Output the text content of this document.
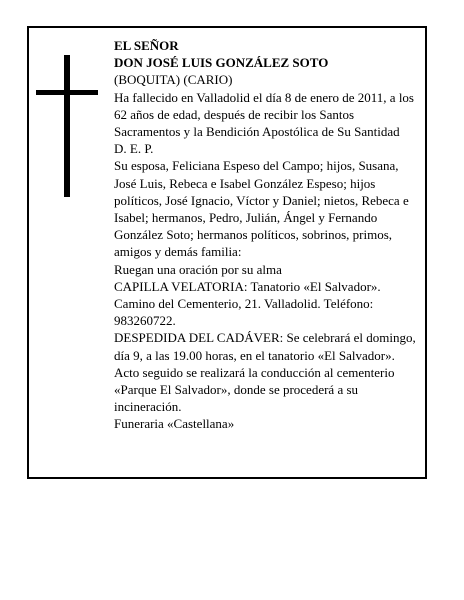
EL SEÑOR

DON JOSÉ LUIS GONZÁLEZ SOTO

(BOQUITA) (CARIO)

Ha fallecido en Valladolid el día 8 de enero de 2011, a los 62 años de edad, después de recibir los Santos Sacramentos y la Bendición Apostólica de Su Santidad

D. E. P.

Su esposa, Feliciana Espeso del Campo; hijos, Susana, José Luis, Rebeca e Isabel González Espeso; hijos políticos, José Ignacio, Víctor y Daniel; nietos, Rebeca e Isabel; hermanos, Pedro, Julián, Ángel y Fernando González Soto; hermanos políticos, sobrinos, primos, amigos y demás familia:

Ruegan una oración por su alma

CAPILLA VELATORIA: Tanatorio «El Salvador». Camino del Cementerio, 21. Valladolid. Teléfono: 983260722.

DESPEDIDA DEL CADÁVER: Se celebrará el domingo, día 9, a las 19.00 horas, en el tanatorio «El Salvador». Acto seguido se realizará la conducción al cementerio «Parque El Salvador», donde se procederá a su incineración.

Funeraria «Castellana»
